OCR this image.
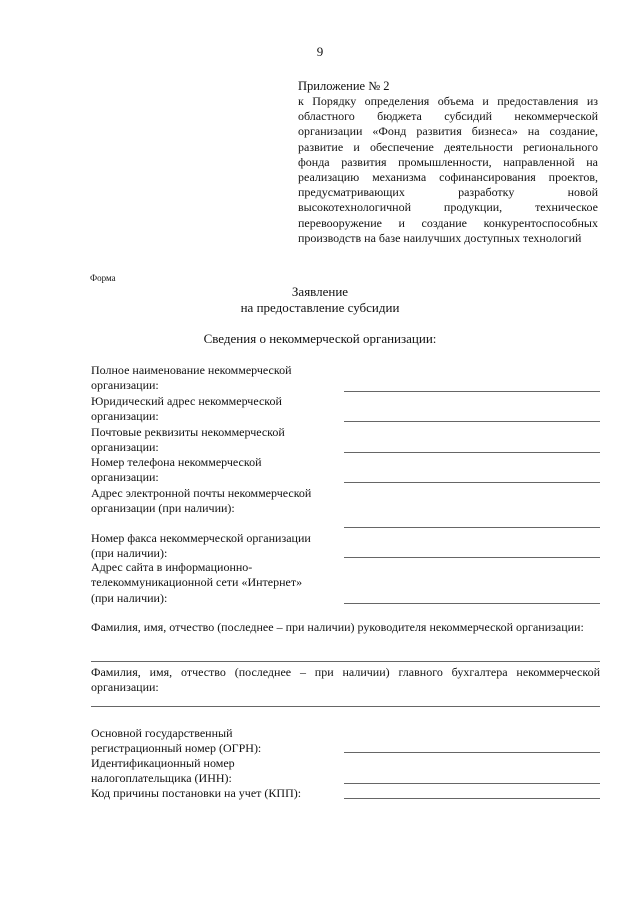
9
Приложение № 2
к Порядку определения объема и предоставления из областного бюджета субсидий некоммерческой организации «Фонд развития бизнеса» на создание, развитие и обеспечение деятельности регионального фонда развития промышленности, направленной на реализацию механизма софинансирования проектов, предусматривающих разработку новой высокотехнологичной продукции, техническое перевооружение и создание конкурентоспособных производств на базе наилучших доступных технологий
Форма
Заявление
на предоставление субсидии
Сведения о некоммерческой организации:
Полное наименование некоммерческой организации:
Юридический адрес некоммерческой организации:
Почтовые реквизиты некоммерческой организации:
Номер телефона некоммерческой организации:
Адрес электронной почты некоммерческой организации (при наличии):
Номер факса некоммерческой организации (при наличии):
Адрес сайта в информационно-телекоммуникационной сети «Интернет» (при наличии):
Фамилия, имя, отчество (последнее – при наличии) руководителя некоммерческой организации:
Фамилия, имя, отчество (последнее – при наличии) главного бухгалтера некоммерческой организации:
Основной государственный регистрационный номер (ОГРН):
Идентификационный номер налогоплательщика (ИНН):
Код причины постановки на учет (КПП):
